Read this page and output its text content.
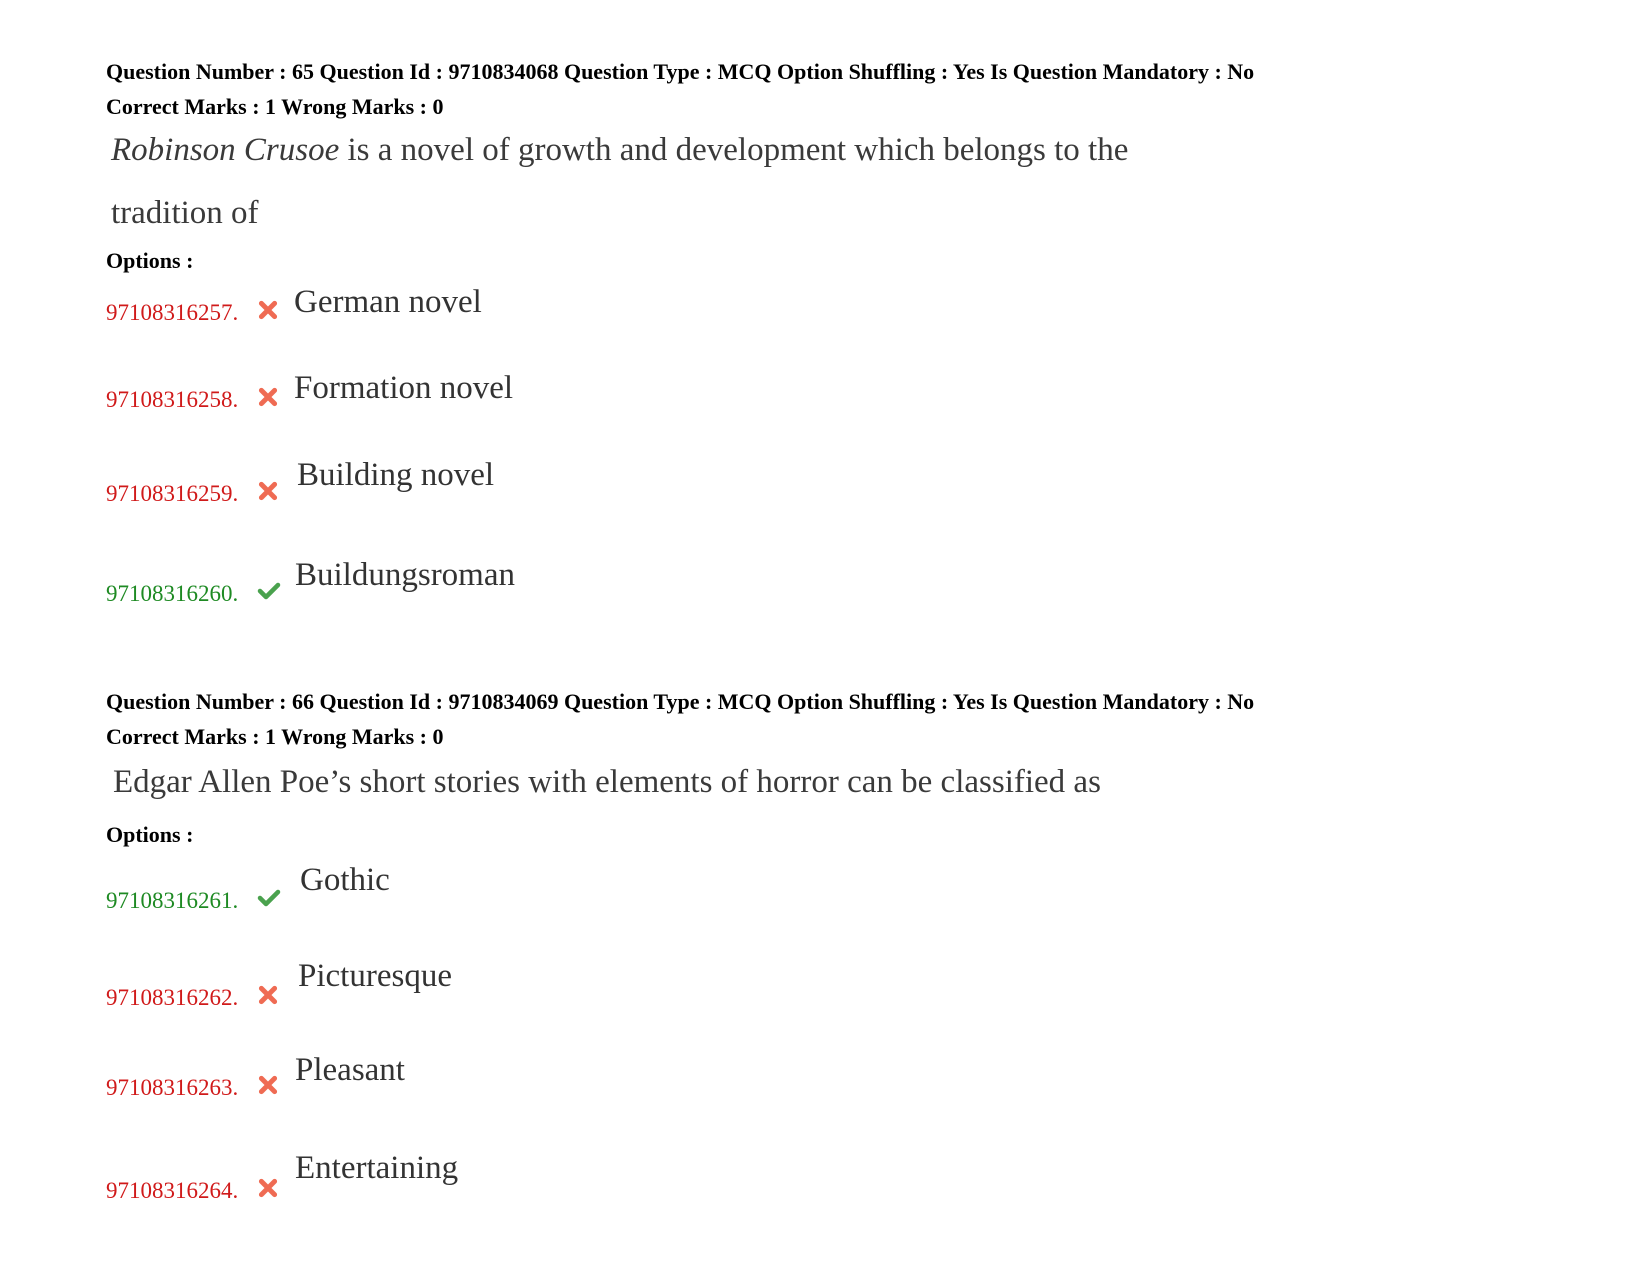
Question Number : 65 Question Id : 9710834068 Question Type : MCQ Option Shuffling : Yes Is Question Mandatory : No
Correct Marks : 1 Wrong Marks : 0
Robinson Crusoe is a novel of growth and development which belongs to the
tradition of
Options :
97108316257. German novel
97108316258. Formation novel
97108316259.
Building novel
97108316260.
Buildungsroman
Question Number : 66 Question Id : 9710834069 Question Type : MCQ Option Shuffling : Yes Is Question Mandatory : No
Correct Marks : 1 Wrong Marks : 0
Edgar Allen Poe’s short stories with elements of horror can be classified as
Options :
97108316261.
Gothic
97108316262.
Picturesque
97108316263. Pleasant
97108316264.
Entertaining
